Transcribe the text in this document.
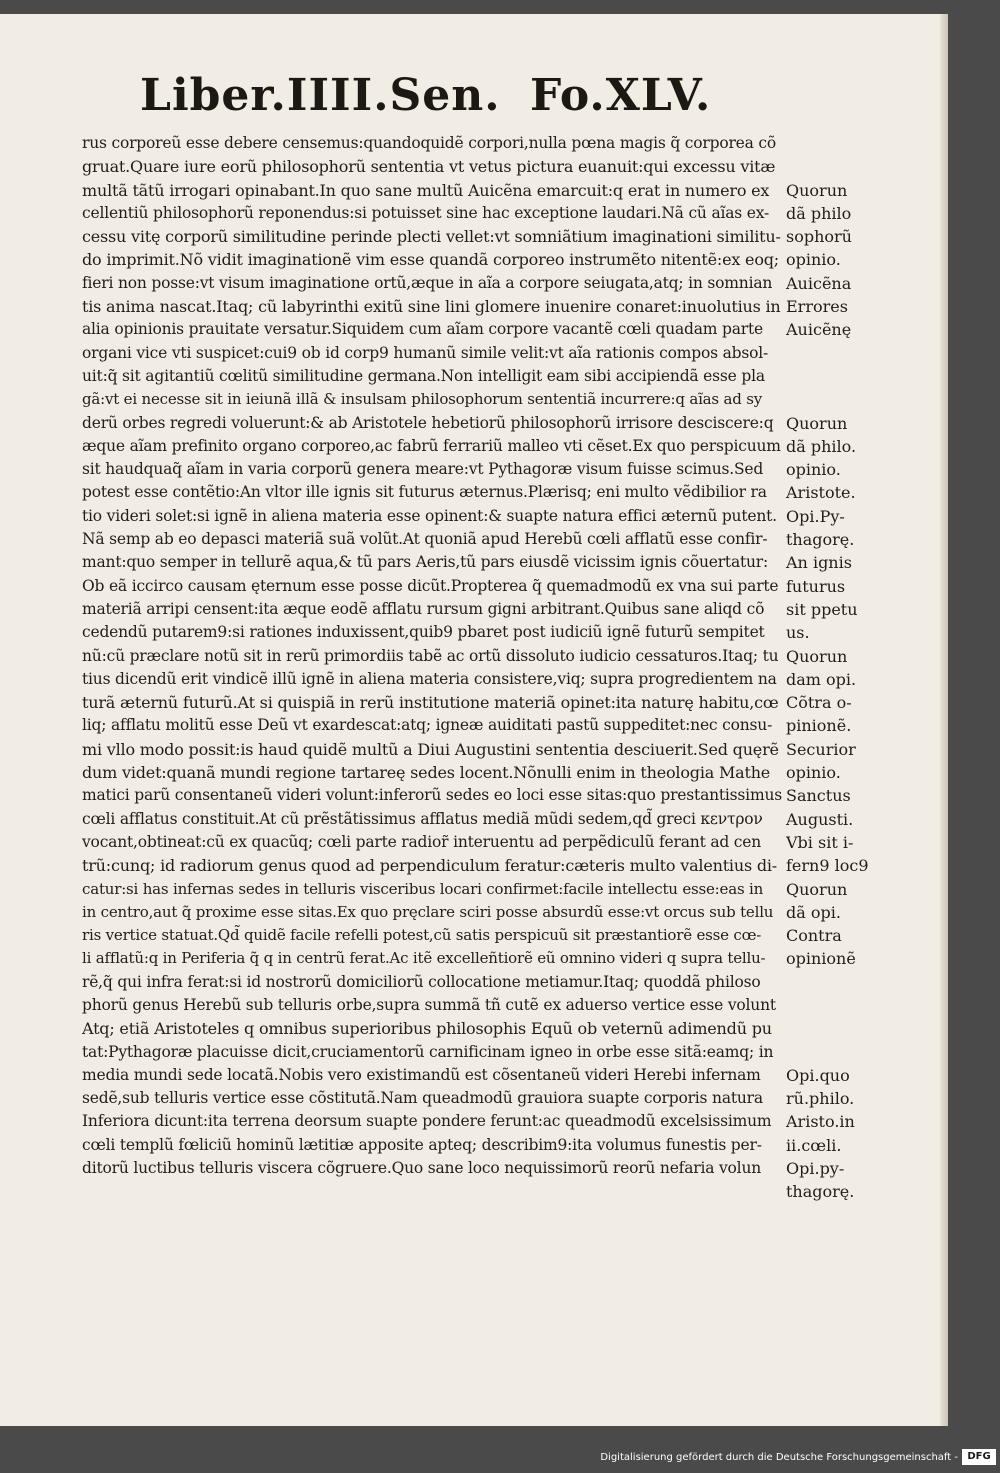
Liber.IIII.Sen. Fo.XLV.
rus corporeũ esse debere censemus:quandoquidẽ corpori,nulla pœna magis q̃ corporea cõ
gruat.Quare iure eorũ philosophorũ sententia vt vetus pictura euanuit:qui excessu vitæ
multã tãtũ irrogari opinabant.In quo sane multũ Auicẽna emarcuit:q erat in numero ex
cellentiũ philosophorũ reponendus:si potuisset sine hac exceptione laudari.Nã cũ aĩas ex-
cessu vitę corporũ similitudine perinde plecti vellet:vt somniãtium imaginationi similitu-
do imprimit.Nõ vidit imaginationẽ vim esse quandã corporeo instrumẽto nitentẽ:ex eoq;
fieri non posse:vt visum imaginatione ortũ,æque in aĩa a corpore seiugata,atq; in somnian
tis anima nascat.Itaq; cũ labyrinthi exitũ sine lini glomere inuenire conaret:inuolutius in
alia opinionis prauitate versatur.Siquidem cum aĩam corpore vacantẽ cœli quadam parte
organi vice vti suspicet:cui9 ob id corp9 humanũ simile velit:vt aĩa rationis compos absol-
uit:q̃ sit agitantiũ cœlitũ similitudine germana.Non intelligit eam sibi accipiendã esse pla
gã:vt ei necesse sit in ieiunã illã & insulsam philosophorum sententiã incurrere:q aĩas ad sy
derũ orbes regredi voluerunt:& ab Aristotele hebetiorũ philosophorũ irrisore desciscere:q
æque aĩam prefinito organo corporeo,ac fabrũ ferrariũ malleo vti cẽset.Ex quo perspicuum
sit haudquaq̃ aĩam in varia corporũ genera meare:vt Pythagoræ visum fuisse scimus.Sed
potest esse contẽtio:An vltor ille ignis sit futurus æternus.Plærisq; eni multo vẽdibilior ra
tio videri solet:si ignẽ in aliena materia esse opinent:& suapte natura effici æternũ putent.
Nã semp ab eo depasci materiã suã volũt.At quoniã apud Herebũ cœli afflatũ esse confir-
mant:quo semper in tellurẽ aqua,& tũ pars Aeris,tũ pars eiusdẽ vicissim ignis cõuertatur:
Ob eã iccirco causam ęternum esse posse dicũt.Propterea q̃ quemadmodũ ex vna sui parte
materiã arripi censent:ita æque eodẽ afflatu rursum gigni arbitrant.Quibus sane aliqd cõ
cedendũ putarem9:si rationes induxissent,quib9 pbaret post iudiciũ ignẽ futurũ sempitet
nũ:cũ præclare notũ sit in rerũ primordiis tabẽ ac ortũ dissoluto iudicio cessaturos.Itaq; tu
tius dicendũ erit vindicẽ illũ ignẽ in aliena materia consistere,viq; supra progredientem na
turã æternũ futurũ.At si quispiã in rerũ institutione materiã opinet:ita naturę habitu,cœ
liq; afflatu molitũ esse Deũ vt exardescat:atq; igneæ auiditati pastũ suppeditet:nec consu-
mi vllo modo possit:is haud quidẽ multũ a Diui Augustini sententia desciuerit.Sed quęrẽ
dum videt:quanã mundi regione tartareę sedes locent.Nõnulli enim in theologia Mathe
matici parũ consentaneũ videri volunt:inferorũ sedes eo loci esse sitas:quo prestantissimus
cœli afflatus constituit.At cũ prẽstãtissimus afflatus mediã mũdi sedem,qd̃ greci κεντρον
vocant,obtineat:cũ ex quacũq; cœli parte radior̃ interuentu ad perpẽdiculũ ferant ad cen
trũ:cunq; id radiorum genus quod ad perpendiculum feratur:cæteris multo valentius di-
catur:si has infernas sedes in telluris visceribus locari confirmet:facile intellectu esse:eas in
in centro,aut q̃ proxime esse sitas.Ex quo pręclare sciri posse absurdũ esse:vt orcus sub tellu
ris vertice statuat.Qd̃ quidẽ facile refelli potest,cũ satis perspicuũ sit præstantiorẽ esse cœ-
li afflatũ:q in Periferia q̃ q in centrũ ferat.Ac itẽ excelleñtiorẽ eũ omnino videri q supra tellu-
rẽ,q̃ qui infra ferat:si id nostrorũ domiciliorũ collocatione metiamur.Itaq; quoddã philoso
phorũ genus Herebũ sub telluris orbe,supra summã tñ cutẽ ex aduerso vertice esse volunt
Atq; etiã Aristoteles q omnibus superioribus philosophis Equũ ob veternũ adimendũ pu
tat:Pythagoræ placuisse dicit,cruciamentorũ carnificinam igneo in orbe esse sitã:eamq; in
media mundi sede locatã.Nobis vero existimandũ est cõsentaneũ videri Herebi infernam
sedẽ,sub telluris vertice esse cõstitutã.Nam queadmodũ grauiora suapte corporis natura
Inferiora dicunt:ita terrena deorsum suapte pondere ferunt:ac queadmodũ excelsissimum
cœli templũ fœliciũ hominũ lætitiæ apposite apteq; describim9:ita volumus funestis per-
ditorũ luctibus telluris viscera cõgruere.Quo sane loco nequissimorũ reorũ nefaria volun
Quorun
dã philo
sophorũ
opinio.
Auicẽna
Errores
Auicẽnę
Quorun
dã philo.
opinio.
Aristote.
Opi.Py-
thagorę.
An ignis
futurus
sit ppetu
us.
Quorun
dam opi.
Cõtra o-
pinionẽ.
Securior
opinio.
Sanctus
Augusti.
Vbi sit i-
fern9 loc9
Quorun
dã opi.
Contra
opinionẽ
Opi.quo
rũ.philo.
Aristo.in
ii.cœli.
Opi.py-
thagorę.
Digitalisierung gefördert durch die Deutsche Forschungsgemeinschaft - DFG
